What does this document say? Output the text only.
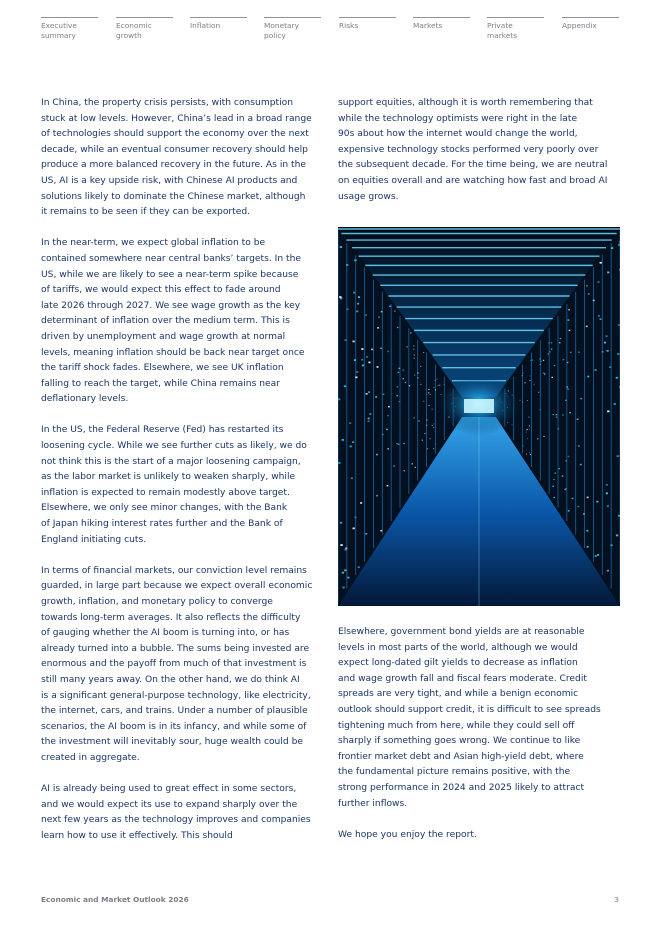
Executive
summary
Economic
growth
Inflation	Monetary
policy
Risks	Markets	Private
markets
Appendix

In China, the property crisis persists, with consumption
stuck at low levels. However, China’s lead in a broad range
of technologies should support the economy over the next
decade, while an eventual consumer recovery should help
produce a more balanced recovery in the future. As in the
US, AI is a key upside risk, with Chinese AI products and
solutions likely to dominate the Chinese market, although
it remains to be seen if they can be exported.

In the near-term, we expect global inflation to be
contained somewhere near central banks’ targets. In the
US, while we are likely to see a near-term spike because
of tariffs, we would expect this effect to fade around
late 2026 through 2027. We see wage growth as the key
determinant of inflation over the medium term. This is
driven by unemployment and wage growth at normal
levels, meaning inflation should be back near target once
the tariff shock fades. Elsewhere, we see UK inflation
falling to reach the target, while China remains near
deflationary levels.

In the US, the Federal Reserve (Fed) has restarted its
loosening cycle. While we see further cuts as likely, we do
not think this is the start of a major loosening campaign,
as the labor market is unlikely to weaken sharply, while
inflation is expected to remain modestly above target.
Elsewhere, we only see minor changes, with the Bank
of Japan hiking interest rates further and the Bank of
England initiating cuts.

In terms of financial markets, our conviction level remains
guarded, in large part because we expect overall economic
growth, inflation, and monetary policy to converge
towards long-term averages. It also reflects the difficulty
of gauging whether the AI boom is turning into, or has
already turned into a bubble. The sums being invested are
enormous and the payoff from much of that investment is
still many years away. On the other hand, we do think AI
is a significant general-purpose technology, like electricity,
the internet, cars, and trains. Under a number of plausible
scenarios, the AI boom is in its infancy, and while some of
the investment will inevitably sour, huge wealth could be
created in aggregate.

AI is already being used to great effect in some sectors,
and we would expect its use to expand sharply over the
next few years as the technology improves and companies
learn how to use it effectively. This should

support equities, although it is worth remembering that
while the technology optimists were right in the late
90s about how the internet would change the world,
expensive technology stocks performed very poorly over
the subsequent decade. For the time being, we are neutral
on equities overall and are watching how fast and broad AI
usage grows.

Elsewhere, government bond yields are at reasonable
levels in most parts of the world, although we would
expect long-dated gilt yields to decrease as inflation
and wage growth fall and fiscal fears moderate. Credit
spreads are very tight, and while a benign economic
outlook should support credit, it is difficult to see spreads
tightening much from here, while they could sell off
sharply if something goes wrong. We continue to like
frontier market debt and Asian high-yield debt, where
the fundamental picture remains positive, with the
strong performance in 2024 and 2025 likely to attract
further inflows.

We hope you enjoy the report.

Economic and Market Outlook 2026	3
